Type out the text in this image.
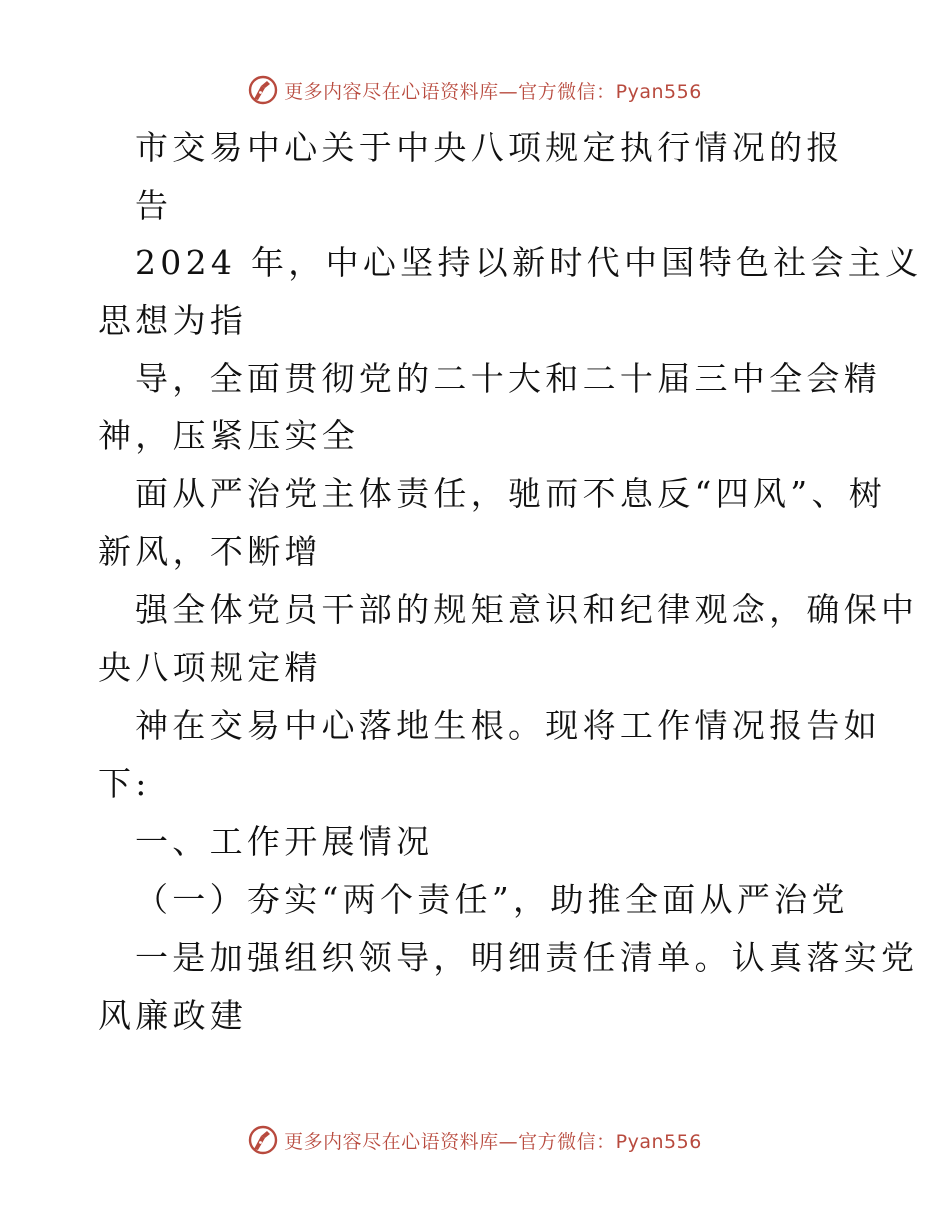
更多内容尽在心语资料库—官方微信：Pyan556
市交易中心关于中央八项规定执行情况的报
告
2024 年，中心坚持以新时代中国特色社会主义
思想为指
导，全面贯彻党的二十大和二十届三中全会精
神，压紧压实全
面从严治党主体责任，驰而不息反“四风”、树
新风，不断增
强全体党员干部的规矩意识和纪律观念，确保中
央八项规定精
神在交易中心落地生根。现将工作情况报告如
下:
一、工作开展情况
（一）夯实“两个责任”，助推全面从严治党
一是加强组织领导，明细责任清单。认真落实党
风廉政建
更多内容尽在心语资料库—官方微信：Pyan556
